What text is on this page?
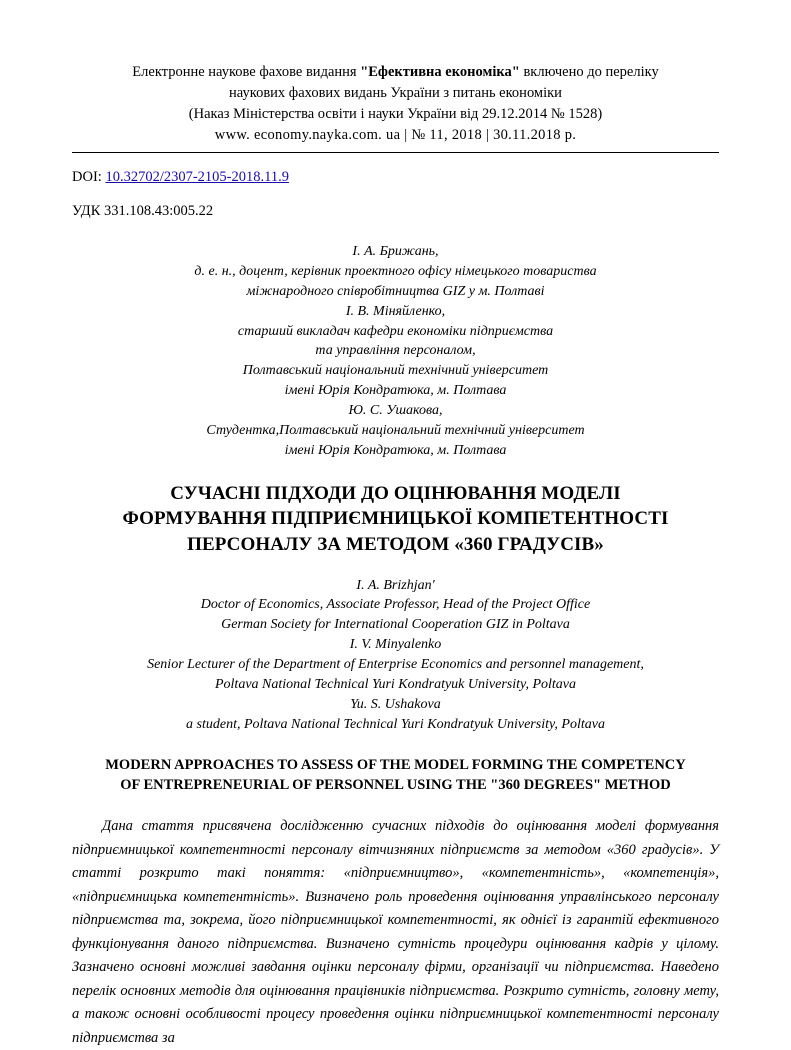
Електронне наукове фахове видання "Ефективна економіка" включено до переліку
наукових фахових видань України з питань економіки
(Наказ Міністерства освіти і науки України від 29.12.2014 № 1528)
www. economy.nayka.com. ua | № 11, 2018 | 30.11.2018 р.
DOI: 10.32702/2307-2105-2018.11.9
УДК 331.108.43:005.22
І. А. Брижань,
д. е. н., доцент, керівник проектного офісу німецького товариства
міжнародного співробітництва GIZ у м. Полтаві
І. В. Міняйленко,
старший викладач кафедри економіки підприємства
та управління персоналом,
Полтавський національний технічний університет
імені Юрія Кондратюка, м. Полтава
Ю. С. Ушакова,
Студентка,Полтавський національний технічний університет
імені Юрія Кондратюка, м. Полтава
СУЧАСНІ ПІДХОДИ ДО ОЦІНЮВАННЯ МОДЕЛІ
ФОРМУВАННЯ ПІДПРИЄМНИЦЬКОЇ КОМПЕТЕНТНОСТІ
ПЕРСОНАЛУ ЗА МЕТОДОМ «360 ГРАДУСІВ»
I. A. Brizhjan'
Doctor of Economics, Associate Professor, Head of the Project Office
German Society for International Cooperation GIZ in Poltava
I. V. Minyalenko
Senior Lecturer of the Department of Enterprise Economics and personnel management,
Poltava National Technical Yuri Kondratyuk University, Poltava
Yu. S. Ushakova
a student, Poltava National Technical Yuri Kondratyuk University, Poltava
MODERN APPROACHES TO ASSESS OF THE MODEL FORMING THE COMPETENCY
OF ENTREPRENEURIAL OF PERSONNEL USING THE "360 DEGREES" METHOD
Дана стаття присвячена дослідженню сучасних підходів до оцінювання моделі формування підприємницької компетентності персоналу вітчизняних підприємств за методом «360 градусів». У статті розкрито такі поняття: «підприємництво», «компетентність», «компетенція», «підприємницька компетентність». Визначено роль проведення оцінювання управлінського персоналу підприємства та, зокрема, його підприємницької компетентності, як однієї із гарантій ефективного функціонування даного підприємства. Визначено сутність процедури оцінювання кадрів у цілому. Зазначено основні можливі завдання оцінки персоналу фірми, організації чи підприємства. Наведено перелік основних методів для оцінювання працівників підприємства. Розкрито сутність, головну мету, а також основні особливості процесу проведення оцінки підприємницької компетентності персоналу підприємства за
